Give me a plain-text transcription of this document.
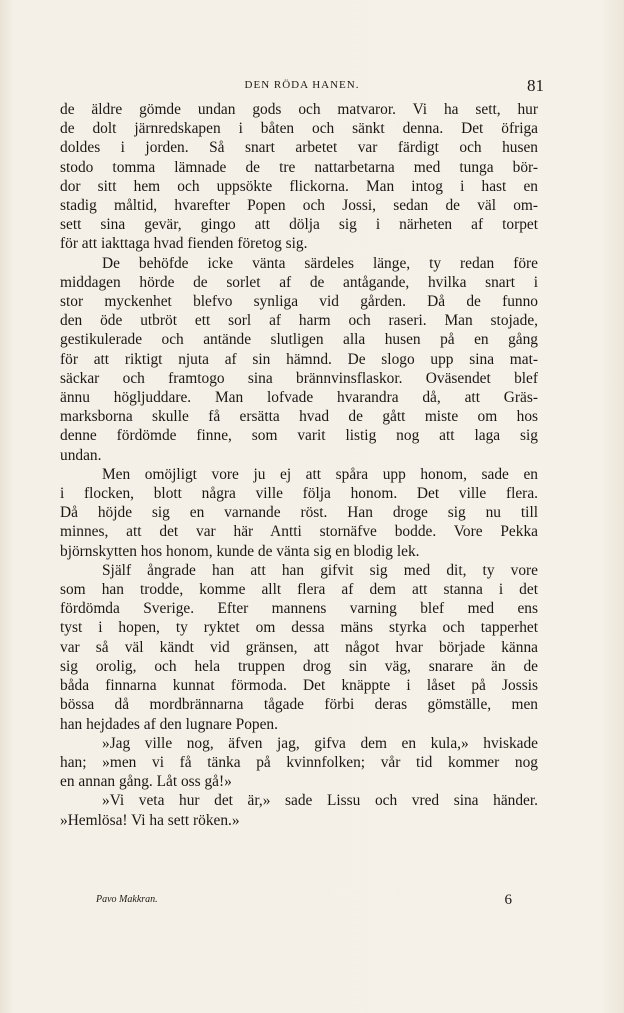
DEN RÖDA HANEN.	81

de äldre gömde undan gods och matvaror. Vi ha sett, hur
de dolt järnredskapen i båten och sänkt denna. Det öfriga
doldes i jorden. Så snart arbetet var färdigt och husen
stodo tomma lämnade de tre nattarbetarna med tunga bör-
dor sitt hem och uppsökte flickorna. Man intog i hast en
stadig måltid, hvarefter Popen och Jossi, sedan de väl om-
sett sina gevär, gingo att dölja sig i närheten af torpet
för att iakttaga hvad fienden företog sig.

De behöfde icke vänta särdeles länge, ty redan före
middagen hörde de sorlet af de antågande, hvilka snart i
stor myckenhet blefvo synliga vid gården. Då de funno
den öde utbröt ett sorl af harm och raseri. Man stojade,
gestikulerade och antände slutligen alla husen på en gång
för att riktigt njuta af sin hämnd. De slogo upp sina mat-
säckar och framtogo sina brännvinsflaskor. Oväsendet blef
ännu högljuddare. Man lofvade hvarandra då, att Gräs-
marksborna skulle få ersätta hvad de gått miste om hos
denne fördömde finne, som varit listig nog att laga sig
undan.

Men omöjligt vore ju ej att spåra upp honom, sade en
i flocken, blott några ville följa honom. Det ville flera.
Då höjde sig en varnande röst. Han droge sig nu till
minnes, att det var här Antti stornäfve bodde. Vore Pekka
björnskytten hos honom, kunde de vänta sig en blodig lek.

Själf ångrade han att han gifvit sig med dit, ty vore
som han trodde, komme allt flera af dem att stanna i det
fördömda Sverige. Efter mannens varning blef med ens
tyst i hopen, ty ryktet om dessa mäns styrka och tapperhet
var så väl kändt vid gränsen, att något hvar började känna
sig orolig, och hela truppen drog sin väg, snarare än de
båda finnarna kunnat förmoda. Det knäppte i låset på Jossis
bössa då mordbrännarna tågade förbi deras gömställe, men
han hejdades af den lugnare Popen.

»Jag ville nog, äfven jag, gifva dem en kula,» hviskade
han; »men vi få tänka på kvinnfolken; vår tid kommer nog
en annan gång. Låt oss gå!»

»Vi veta hur det är,» sade Lissu och vred sina händer.
»Hemlösa! Vi ha sett röken.»

Pavo Makkran.	6
